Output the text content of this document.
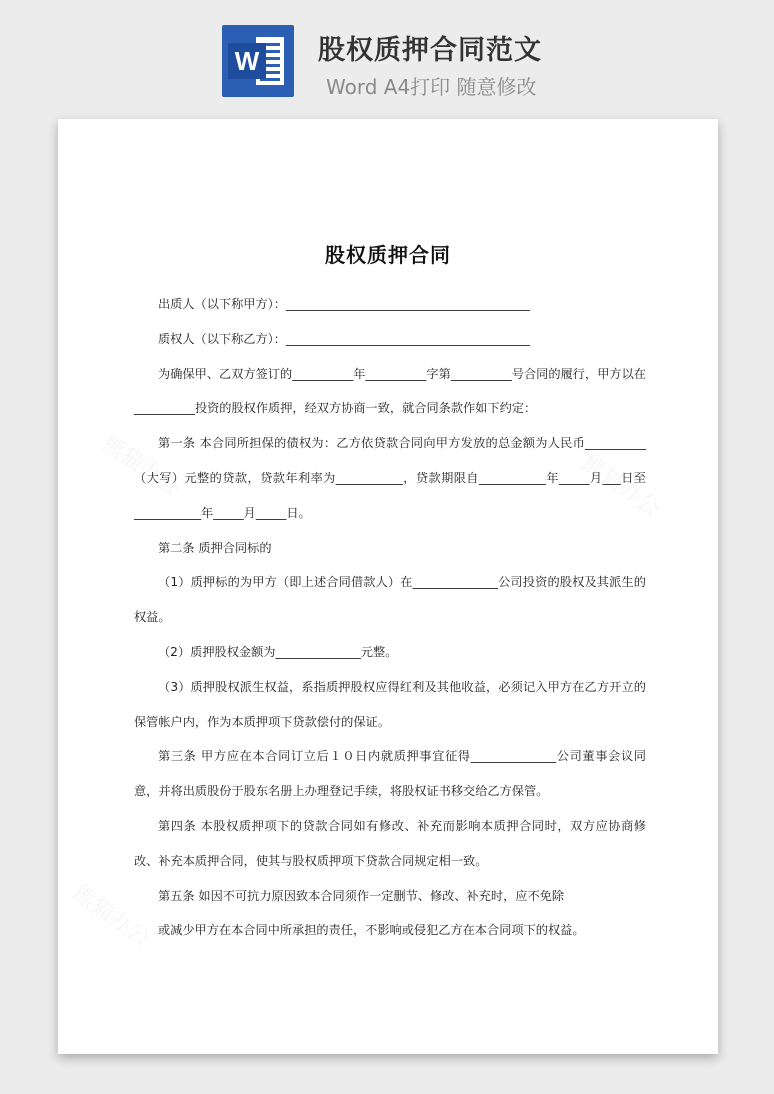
W 股权质押合同范文
Word A4打印 随意修改
股权质押合同

出质人（以下称甲方）：________________________________________

质权人（以下称乙方）：________________________________________

为确保甲、乙双方签订的__________年__________字第__________号合同的履行，甲方以在__________投资的股权作质押，经双方协商一致，就合同条款作如下约定：

第一条 本合同所担保的债权为：乙方依贷款合同向甲方发放的总金额为人民币__________（大写）元整的贷款，贷款年利率为___________，贷款期限自___________年_____月___日至___________年_____月_____日。

第二条 质押合同标的

（1）质押标的为甲方（即上述合同借款人）在______________公司投资的股权及其派生的权益。

（2）质押股权金额为______________元整。

（3）质押股权派生权益，系指质押股权应得红利及其他收益，必须记入甲方在乙方开立的保管帐户内，作为本质押项下贷款偿付的保证。

第三条 甲方应在本合同订立后１０日内就质押事宜征得______________公司董事会议同意，并将出质股份于股东名册上办理登记手续，将股权证书移交给乙方保管。

第四条 本股权质押项下的贷款合同如有修改、补充而影响本质押合同时，双方应协商修改、补充本质押合同，使其与股权质押项下贷款合同规定相一致。

第五条 如因不可抗力原因致本合同须作一定删节、修改、补充时，应不免除

或减少甲方在本合同中所承担的责任，不影响或侵犯乙方在本合同项下的权益。
